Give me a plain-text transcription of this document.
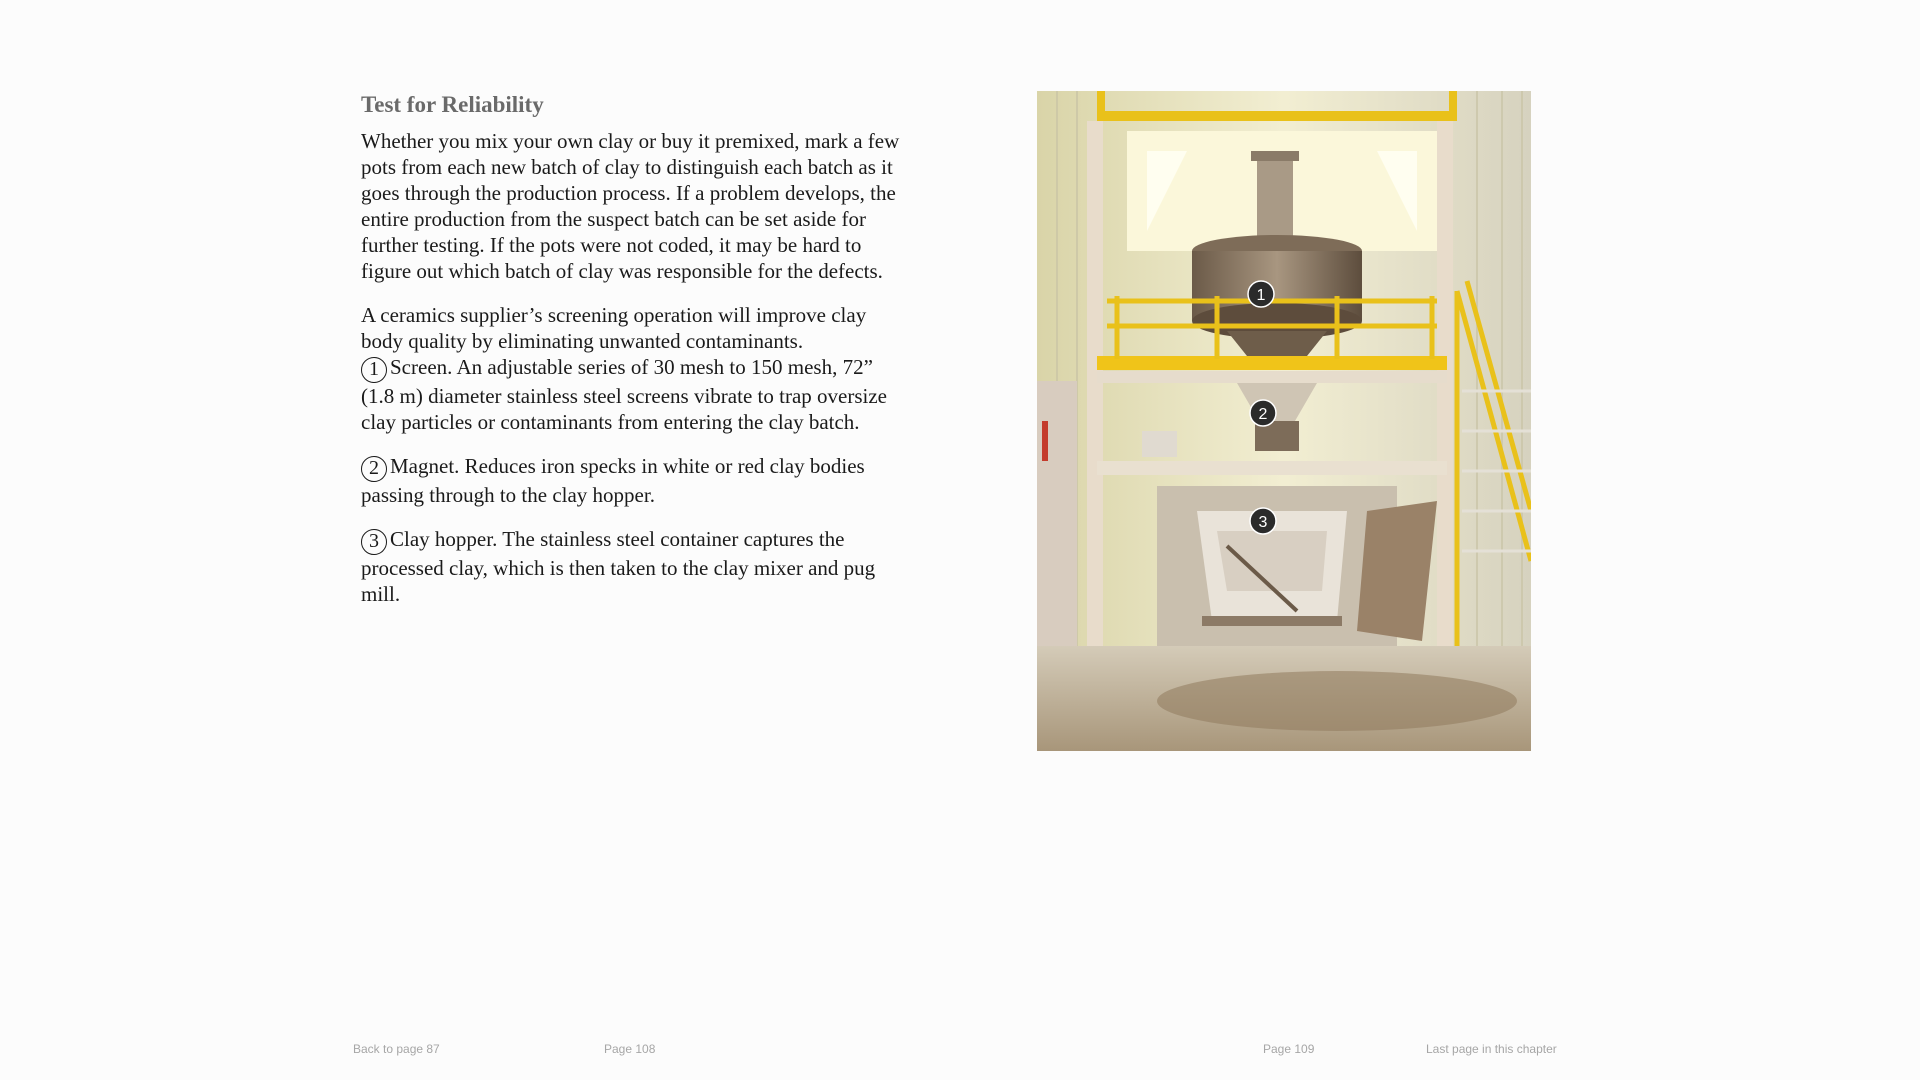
Test for Reliability

Whether you mix your own clay or buy it premixed, mark a few pots from each new batch of clay to distinguish each batch as it goes through the production process. If a problem develops, the entire production from the suspect batch can be set aside for further testing. If the pots were not coded, it may be hard to figure out which batch of clay was responsible for the defects.

A ceramics supplier’s screening operation will improve clay body quality by eliminating unwanted contaminants.

1 Screen. An adjustable series of 30 mesh to 150 mesh, 72” (1.8 m) diameter stainless steel screens vibrate to trap oversize clay particles or contaminants from entering the clay batch.

2 Magnet. Reduces iron specks in white or red clay bodies passing through to the clay hopper.

3 Clay hopper. The stainless steel container captures the processed clay, which is then taken to the clay mixer and pug mill.

1
2
3
Back to page 87	Page 108	Page 109	Last page in this chapter
